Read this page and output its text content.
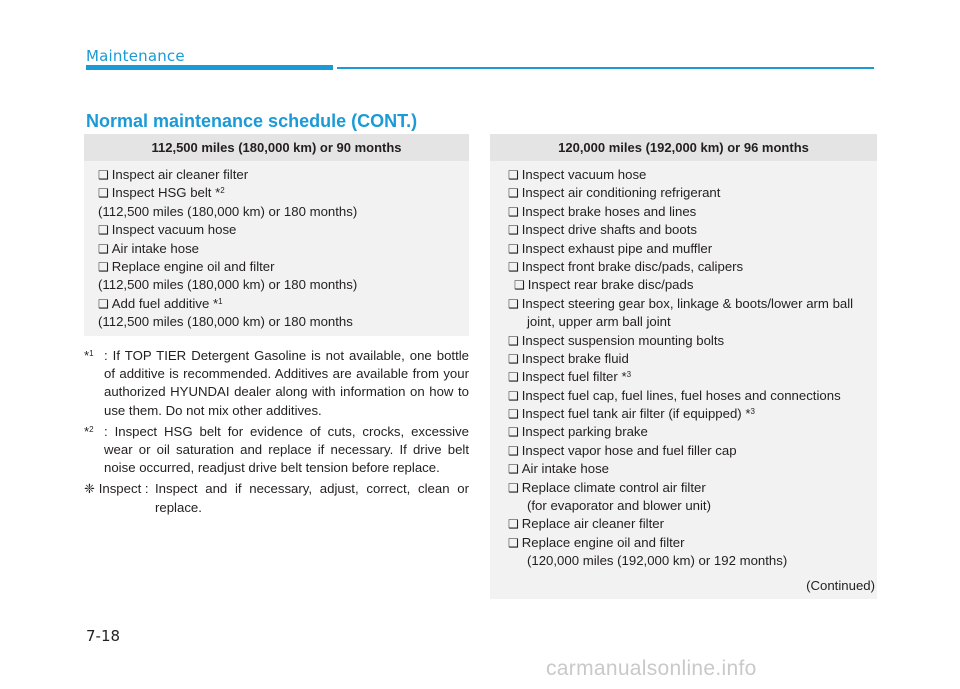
Maintenance
Normal maintenance schedule (CONT.)
112,500 miles (180,000 km) or 90 months
❑ Inspect air cleaner filter
❑ Inspect HSG belt *$^2$
(112,500 miles (180,000 km) or 180 months)
❑ Inspect vacuum hose
❑ Air intake hose
❑ Replace engine oil and filter
(112,500 miles (180,000 km) or 180 months)
❑ Add fuel additive *$^1$
(112,500 miles (180,000 km) or 180 months
*$^1$ : If TOP TIER Detergent Gasoline is not available, one bottle of additive is recommended. Additives are available from your authorized HYUNDAI dealer along with information on how to use them. Do not mix other additives.
*$^2$ : Inspect HSG belt for evidence of cuts, crocks, excessive wear or oil saturation and replace if necessary. If drive belt noise occurred, readjust drive belt tension before replace.
❈ Inspect : Inspect and if necessary, adjust, correct, clean or replace.
120,000 miles (192,000 km) or 96 months
❑ Inspect vacuum hose
❑ Inspect air conditioning refrigerant
❑ Inspect brake hoses and lines
❑ Inspect drive shafts and boots
❑ Inspect exhaust pipe and muffler
❑ Inspect front brake disc/pads, calipers
❑ Inspect rear brake disc/pads
❑ Inspect steering gear box, linkage & boots/lower arm ball
joint, upper arm ball joint
❑ Inspect suspension mounting bolts
❑ Inspect brake fluid
❑ Inspect fuel filter *$^3$
❑ Inspect fuel cap, fuel lines, fuel hoses and connections
❑ Inspect fuel tank air filter (if equipped) *$^3$
❑ Inspect parking brake
❑ Inspect vapor hose and fuel filler cap
❑ Air intake hose
❑ Replace climate control air filter
(for evaporator and blower unit)
❑ Replace air cleaner filter
❑ Replace engine oil and filter
(120,000 miles (192,000 km) or 192 months)
(Continued)
7-18
carmanualsonline.info
